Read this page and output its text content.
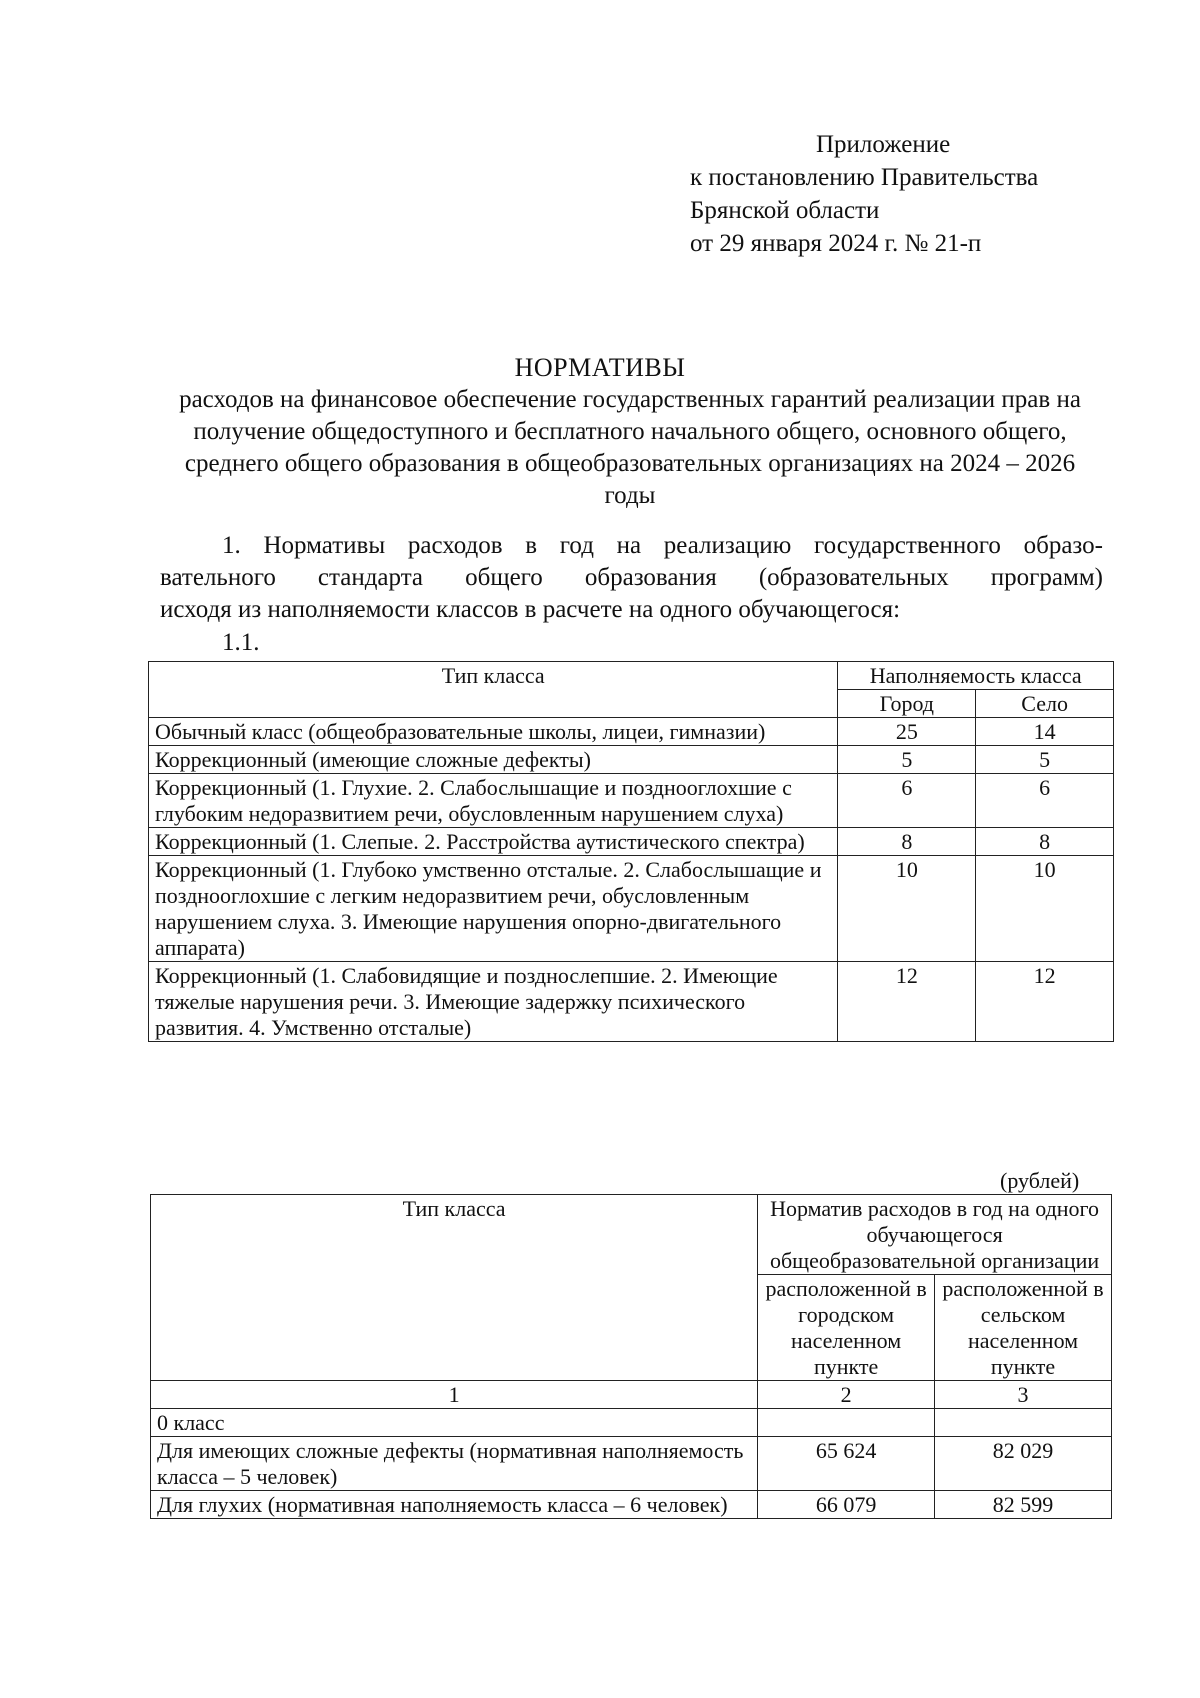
Приложение
к постановлению Правительства
Брянской области
от 29 января 2024 г. № 21-п
НОРМАТИВЫ
расходов на финансовое обеспечение государственных гарантий реализации прав на получение общедоступного и бесплатного начального общего, основного общего, среднего общего образования в общеобразовательных организациях на 2024 – 2026 годы
1. Нормативы расходов в год на реализацию государственного образо-
вательного стандарта общего образования (образовательных программ)
исходя из наполняемости классов в расчете на одного обучающегося:
1.1.
Тип класса	Наполняемость класса	
	Город	Село
Обычный класс (общеобразовательные школы, лицеи, гимназии)	25	14
Коррекционный (имеющие сложные дефекты)	5	5
Коррекционный (1. Глухие. 2. Слабослышащие и позднооглохшие с глубоким недоразвитием речи, обусловленным нарушением слуха)	6	6
Коррекционный (1. Слепые. 2. Расстройства аутистического спектра)	8	8
Коррекционный (1. Глубоко умственно отсталые. 2. Слабослышащие и позднооглохшие с легким недоразвитием речи, обусловленным нарушением слуха. 3. Имеющие нарушения опорно-двигательного аппарата)	10	10
Коррекционный (1. Слабовидящие и позднослепшие. 2. Имеющие тяжелые нарушения речи. 3. Имеющие задержку психического развития. 4. Умственно отсталые)	12	12
(рублей)
Тип класса	Норматив расходов в год на одного обучающегося общеобразовательной организации	
	расположенной в городском населенном пункте	расположенной в сельском населенном пункте
1	2	3
0 класс		
Для имеющих сложные дефекты (нормативная наполняемость класса – 5 человек)	65 624	82 029
Для глухих (нормативная наполняемость класса – 6 человек)	66 079	82 599
